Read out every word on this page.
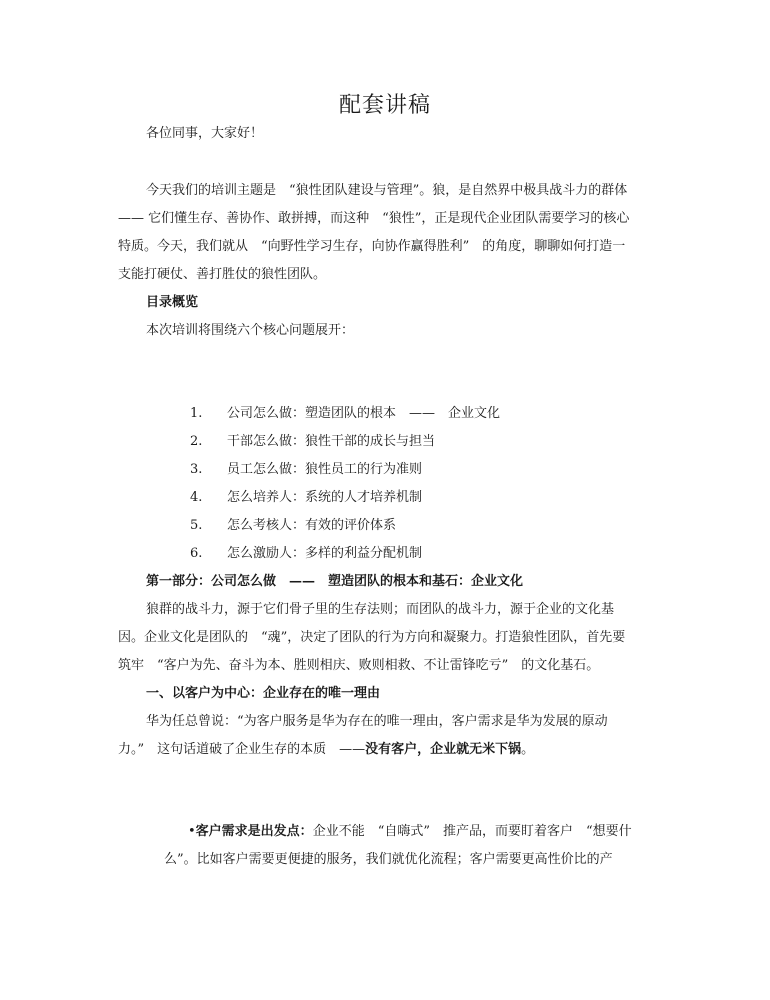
配套讲稿
各位同事，大家好！
今天我们的培训主题是　“狼性团队建设与管理”。狼，是自然界中极具战斗力的群体
—— 它们懂生存、善协作、敢拼搏，而这种　“狼性”，正是现代企业团队需要学习的核心
特质。今天，我们就从　“向野性学习生存，向协作赢得胜利”　的角度，聊聊如何打造一
支能打硬仗、善打胜仗的狼性团队。
目录概览
本次培训将围绕六个核心问题展开：
1. 公司怎么做：塑造团队的根本　——　企业文化
2. 干部怎么做：狼性干部的成长与担当
3. 员工怎么做：狼性员工的行为准则
4. 怎么培养人：系统的人才培养机制
5. 怎么考核人：有效的评价体系
6. 怎么激励人：多样的利益分配机制
第一部分：公司怎么做　——　塑造团队的根本和基石：企业文化
狼群的战斗力，源于它们骨子里的生存法则；而团队的战斗力，源于企业的文化基
因。企业文化是团队的　“魂”，决定了团队的行为方向和凝聚力。打造狼性团队，首先要
筑牢　“客户为先、奋斗为本、胜则相庆、败则相救、不让雷锋吃亏”　的文化基石。
一、以客户为中心：企业存在的唯一理由
华为任总曾说：“为客户服务是华为存在的唯一理由，客户需求是华为发展的原动
力。”　这句话道破了企业生存的本质　——没有客户，企业就无米下锅。
•客户需求是出发点：企业不能　“自嗨式”　推产品，而要盯着客户　“想要什
么”。比如客户需要更便捷的服务，我们就优化流程；客户需要更高性价比的产
